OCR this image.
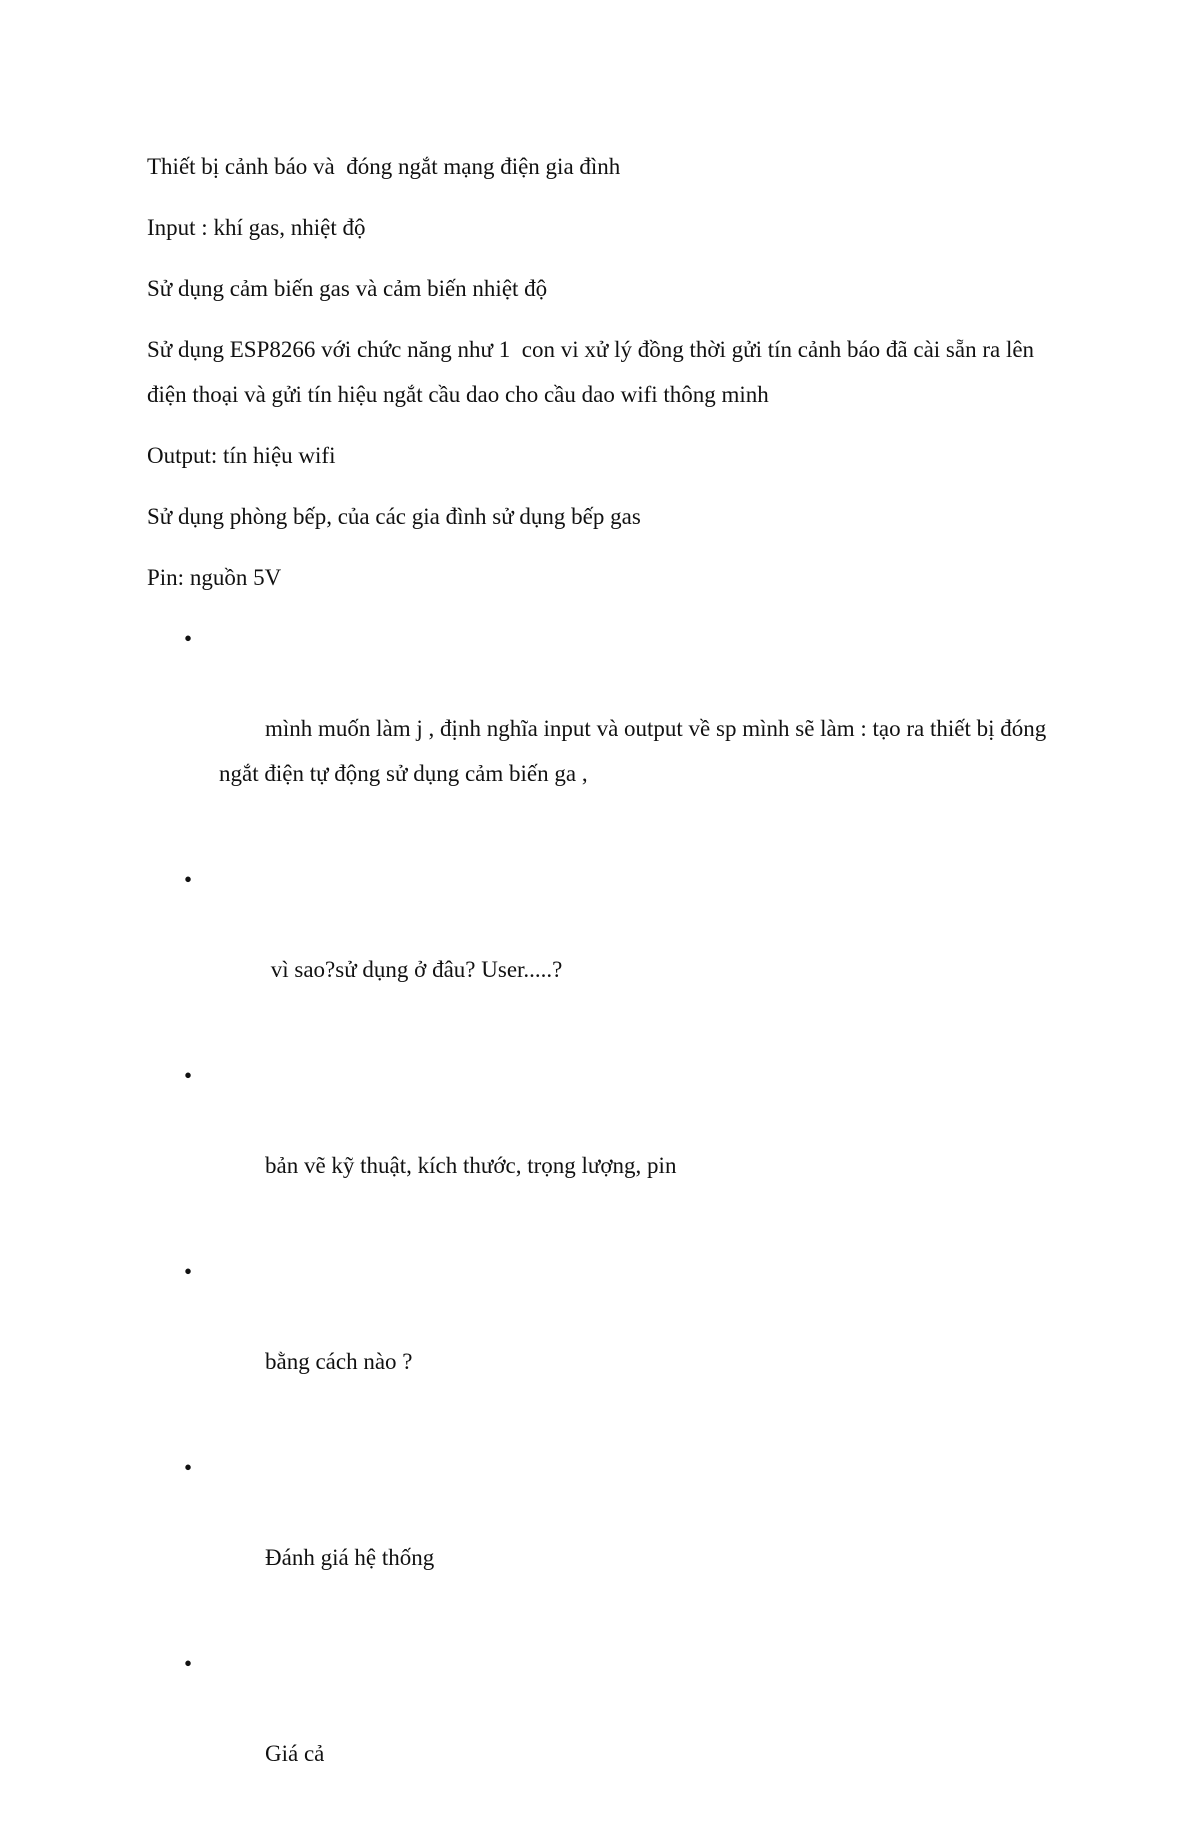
Thiết bị cảnh báo và  đóng ngắt mạng điện gia đình

Input : khí gas, nhiệt độ

Sử dụng cảm biến gas và cảm biến nhiệt độ

Sử dụng ESP8266 với chức năng như 1  con vi xử lý đồng thời gửi tín cảnh báo đã cài sẵn ra lên điện thoại và gửi tín hiệu ngắt cầu dao cho cầu dao wifi thông minh

Output: tín hiệu wifi

Sử dụng phòng bếp, của các gia đình sử dụng bếp gas

Pin: nguồn 5V

•

mình muốn làm j , định nghĩa input và output về sp mình sẽ làm : tạo ra thiết bị đóng ngắt điện tự động sử dụng cảm biến ga ,

•

vì sao?sử dụng ở đâu? User.....?

•

bản vẽ kỹ thuật, kích thước, trọng lượng, pin

•

bằng cách nào ?

•

Đánh giá hệ thống

•

Giá cả
